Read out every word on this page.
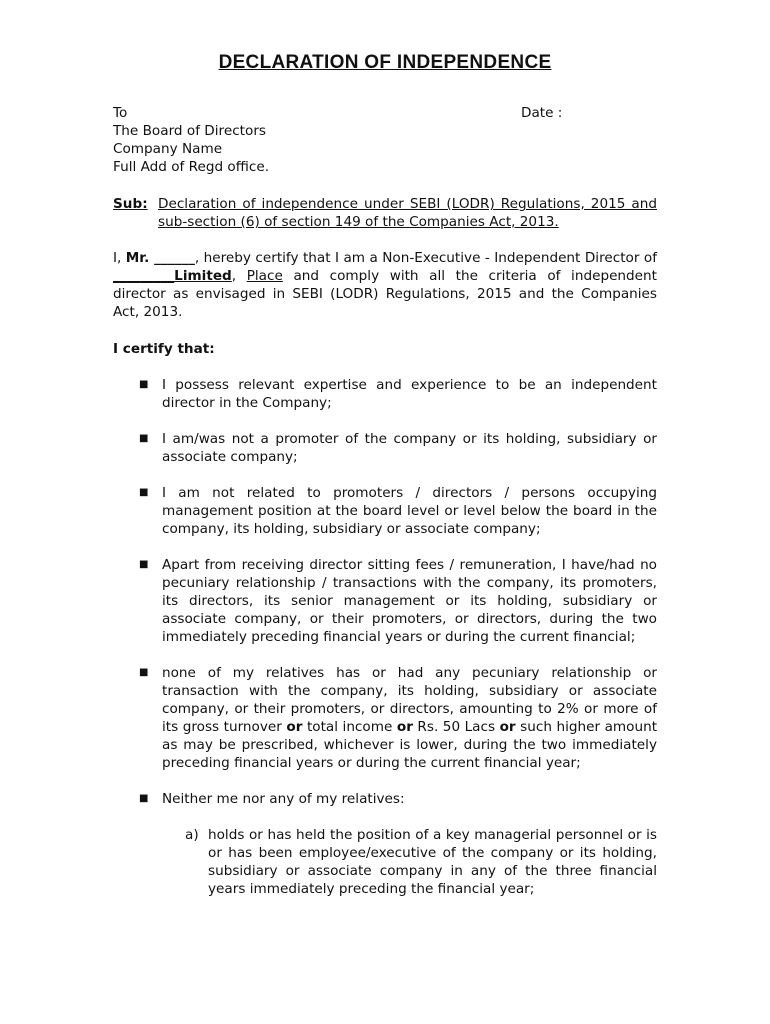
DECLARATION OF INDEPENDENCE
To
The Board of Directors
Company Name
Full Add of Regd office.
Date :
Sub: Declaration of independence under SEBI (LODR) Regulations, 2015 and sub-section (6) of section 149 of the Companies Act, 2013.
I, Mr. ______, hereby certify that I am a Non-Executive - Independent Director of _________Limited, Place and comply with all the criteria of independent director as envisaged in SEBI (LODR) Regulations, 2015 and the Companies Act, 2013.
I certify that:
■ I possess relevant expertise and experience to be an independent director in the Company;
■ I am/was not a promoter of the company or its holding, subsidiary or associate company;
■ I am not related to promoters / directors / persons occupying management position at the board level or level below the board in the company, its holding, subsidiary or associate company;
■ Apart from receiving director sitting fees / remuneration, I have/had no pecuniary relationship / transactions with the company, its promoters, its directors, its senior management or its holding, subsidiary or associate company, or their promoters, or directors, during the two immediately preceding financial years or during the current financial;
■ none of my relatives has or had any pecuniary relationship or transaction with the company, its holding, subsidiary or associate company, or their promoters, or directors, amounting to 2% or more of its gross turnover or total income or Rs. 50 Lacs or such higher amount as may be prescribed, whichever is lower, during the two immediately preceding financial years or during the current financial year;
■ Neither me nor any of my relatives:
a) holds or has held the position of a key managerial personnel or is or has been employee/executive of the company or its holding, subsidiary or associate company in any of the three financial years immediately preceding the financial year;
